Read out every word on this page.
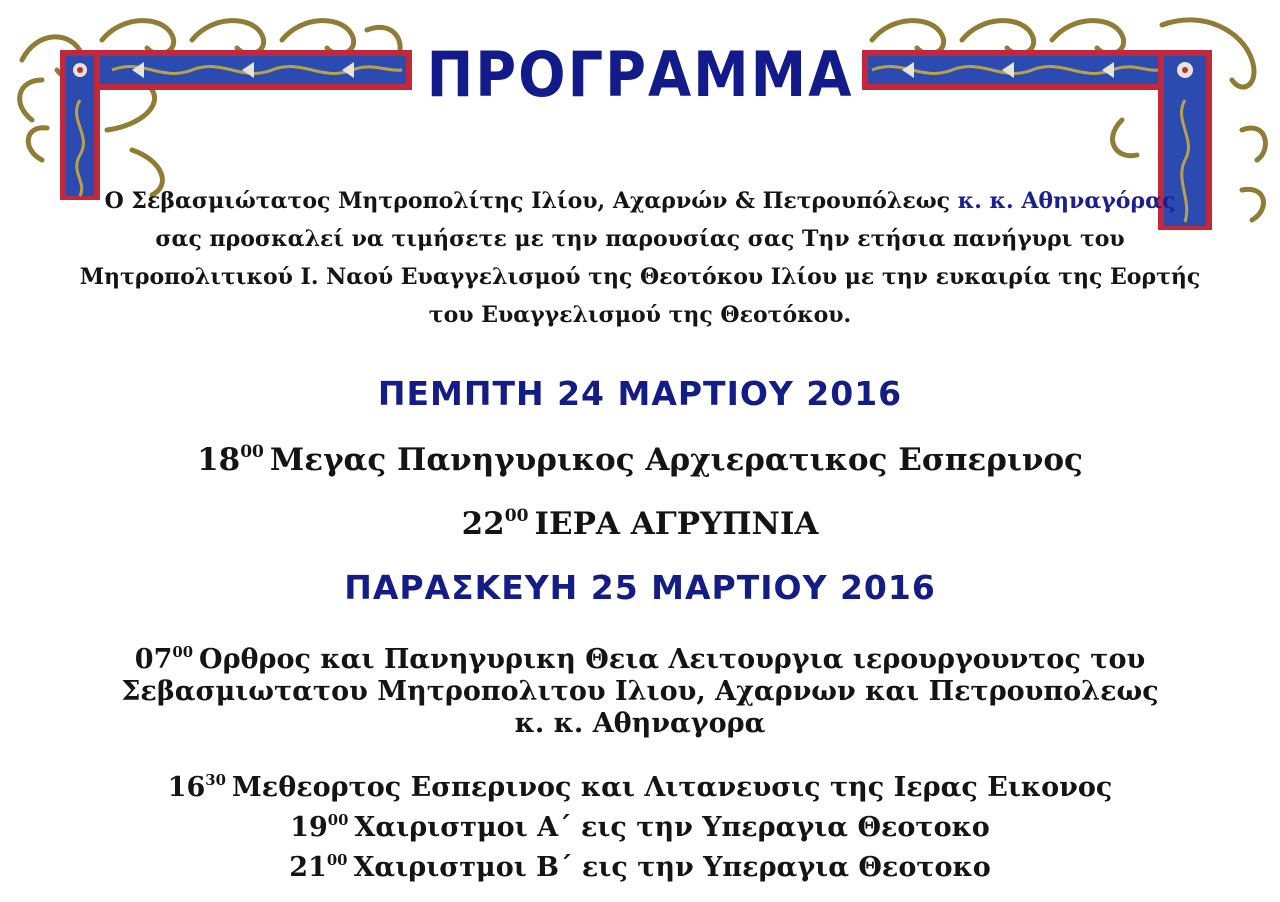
ΠΡΟΓΡΑΜΜΑ
Ο Σεβασμιώτατος Μητροπολίτης Ιλίου, Αχαρνών & Πετρουπόλεως κ. κ. Αθηναγόρας
σας προσκαλεί να τιμήσετε με την παρουσίας σας Την ετήσια πανήγυρι του
Μητροπολιτικού Ι. Ναού Ευαγγελισμού της Θεοτόκου Ιλίου με την ευκαιρία της Εορτής
του Ευαγγελισμού της Θεοτόκου.
ΠΕΜΠΤΗ 24 ΜΑΡΤΙΟΥ 2016
$18^{00}$ Μεγας Πανηγυρικος Αρχιερατικος Εσπερινος
$22^{00}$ ΙΕΡΑ ΑΓΡΥΠΝΙΑ
ΠΑΡΑΣΚΕΥΗ 25 ΜΑΡΤΙΟΥ 2016
$07^{00}$ Ορθρος και Πανηγυρικη Θεια Λειτουργια ιερουργουντος του
Σεβασμιωτατου Μητροπολιτου Ιλιου, Αχαρνων και Πετρουπολεως
κ. κ. Αθηναγορα
$16^{30}$ Μεθεορτος Εσπερινος και Λιτανευσις της Ιερας Εικονος
$19^{00}$ Χαιρισтμοι Α΄ εις την Υπεραγια Θεοτοκο
$21^{00}$ Χαιρισтμοι Β΄ εις την Υπεραγια Θεοτοκο
